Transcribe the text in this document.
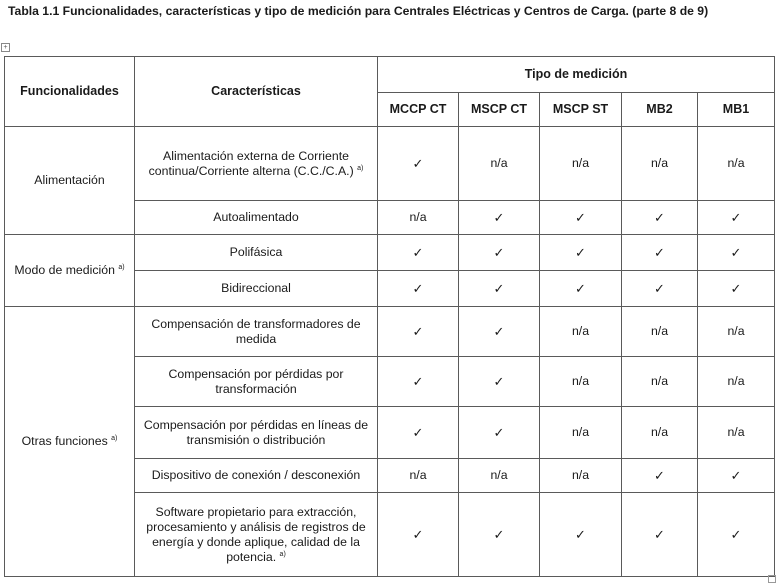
Tabla 1.1 Funcionalidades, características y tipo de medición para Centrales Eléctricas y Centros de Carga. (parte 8 de 9)
+
Funcionalidades	Características	Tipo de medición				
		MCCP CT	MSCP CT	MSCP ST	MB2	MB1
Alimentación	Alimentación externa de Corriente continua/Corriente alterna (C.C./C.A.) $^{a)}$	✓	n/a	n/a	n/a	n/a
	Autoalimentado	n/a	✓	✓	✓	✓
Modo de medición $^{a)}$	Polifásica	✓	✓	✓	✓	✓
	Bidireccional	✓	✓	✓	✓	✓
Otras funciones $^{a)}$	Compensación de transformadores de medida	✓	✓	n/a	n/a	n/a
	Compensación por pérdidas por transformación	✓	✓	n/a	n/a	n/a
	Compensación por pérdidas en líneas de transmisión o distribución	✓	✓	n/a	n/a	n/a
	Dispositivo de conexión / desconexión	n/a	n/a	n/a	✓	✓
	Software propietario para extracción, procesamiento y análisis de registros de energía y donde aplique, calidad de la potencia. $^{a)}$	✓	✓	✓	✓	✓
